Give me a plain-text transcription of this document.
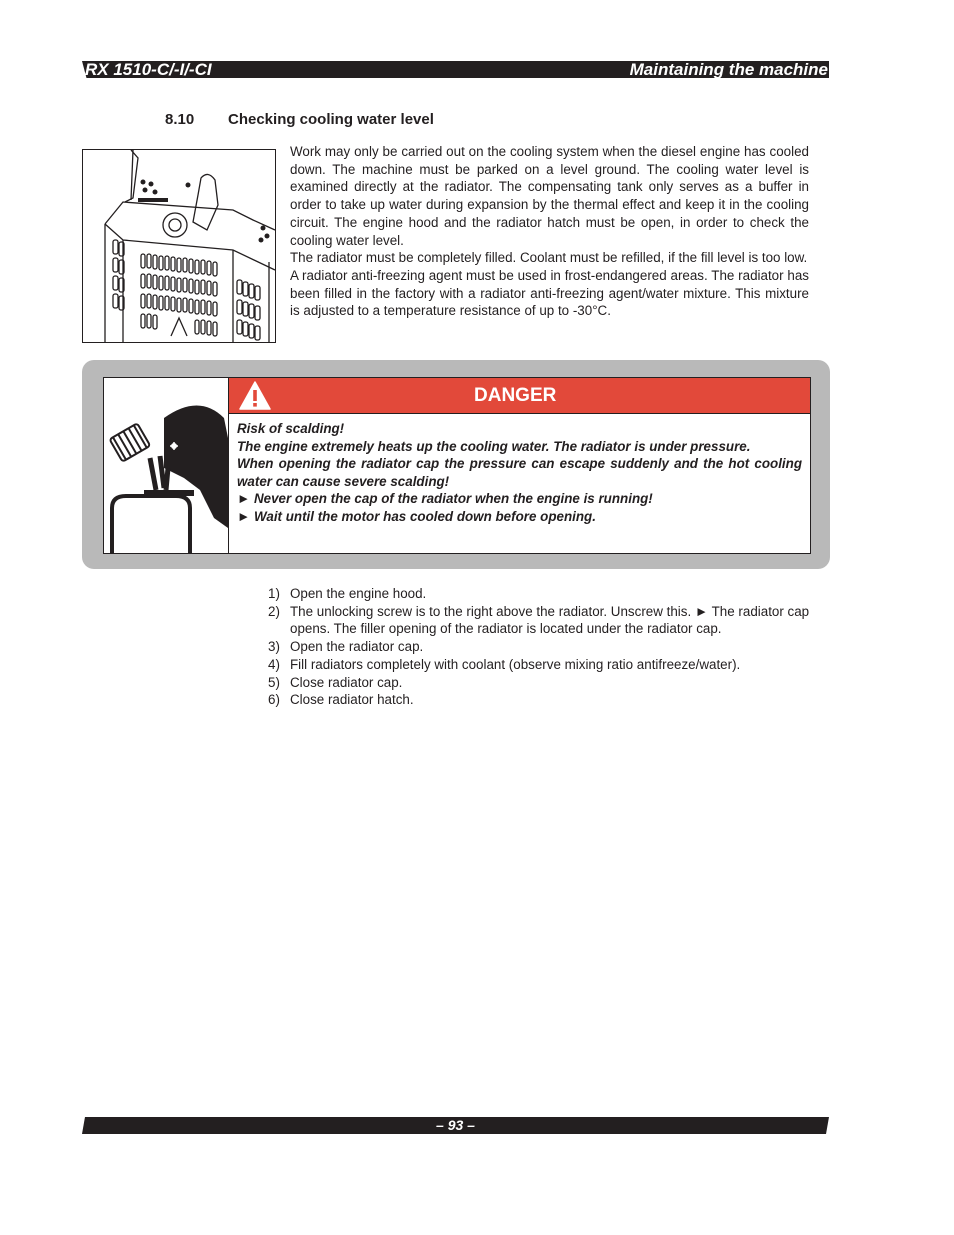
RX 1510-C/-I/-CI	Maintaining the machine
8.10 Checking cooling water level

Work may only be carried out on the cooling system when the diesel engine has cooled down. The machine must be parked on a level ground. The cooling water level is examined directly at the radiator. The compensating tank only serves as a buffer in order to take up water during expansion by the thermal effect and keep it in the cooling circuit. The engine hood and the radiator hatch must be open, in order to check the cooling water level.

The radiator must be completely filled. Coolant must be refilled, if the fill level is too low.

A radiator anti-freezing agent must be used in frost-endangered areas. The radiator has been filled in the factory with a radiator anti-freezing agent/water mixture. This mixture is adjusted to a temperature resistance of up to -30°C.

DANGER

Risk of scalding!

The engine extremely heats up the cooling water. The radiator is under pressure.

When opening the radiator cap the pressure can escape suddenly and the hot cooling water can cause severe scalding!

► Never open the cap of the radiator when the engine is running!

► Wait until the motor has cooled down before opening.

1) Open the engine hood.
2) The unlocking screw is to the right above the radiator. Unscrew this. ► The radiator cap opens. The filler opening of the radiator is located under the radiator cap.
3) Open the radiator cap.
4) Fill radiators completely with coolant (observe mixing ratio antifreeze/water).
5) Close radiator cap.
6) Close radiator hatch.
– 93 –
